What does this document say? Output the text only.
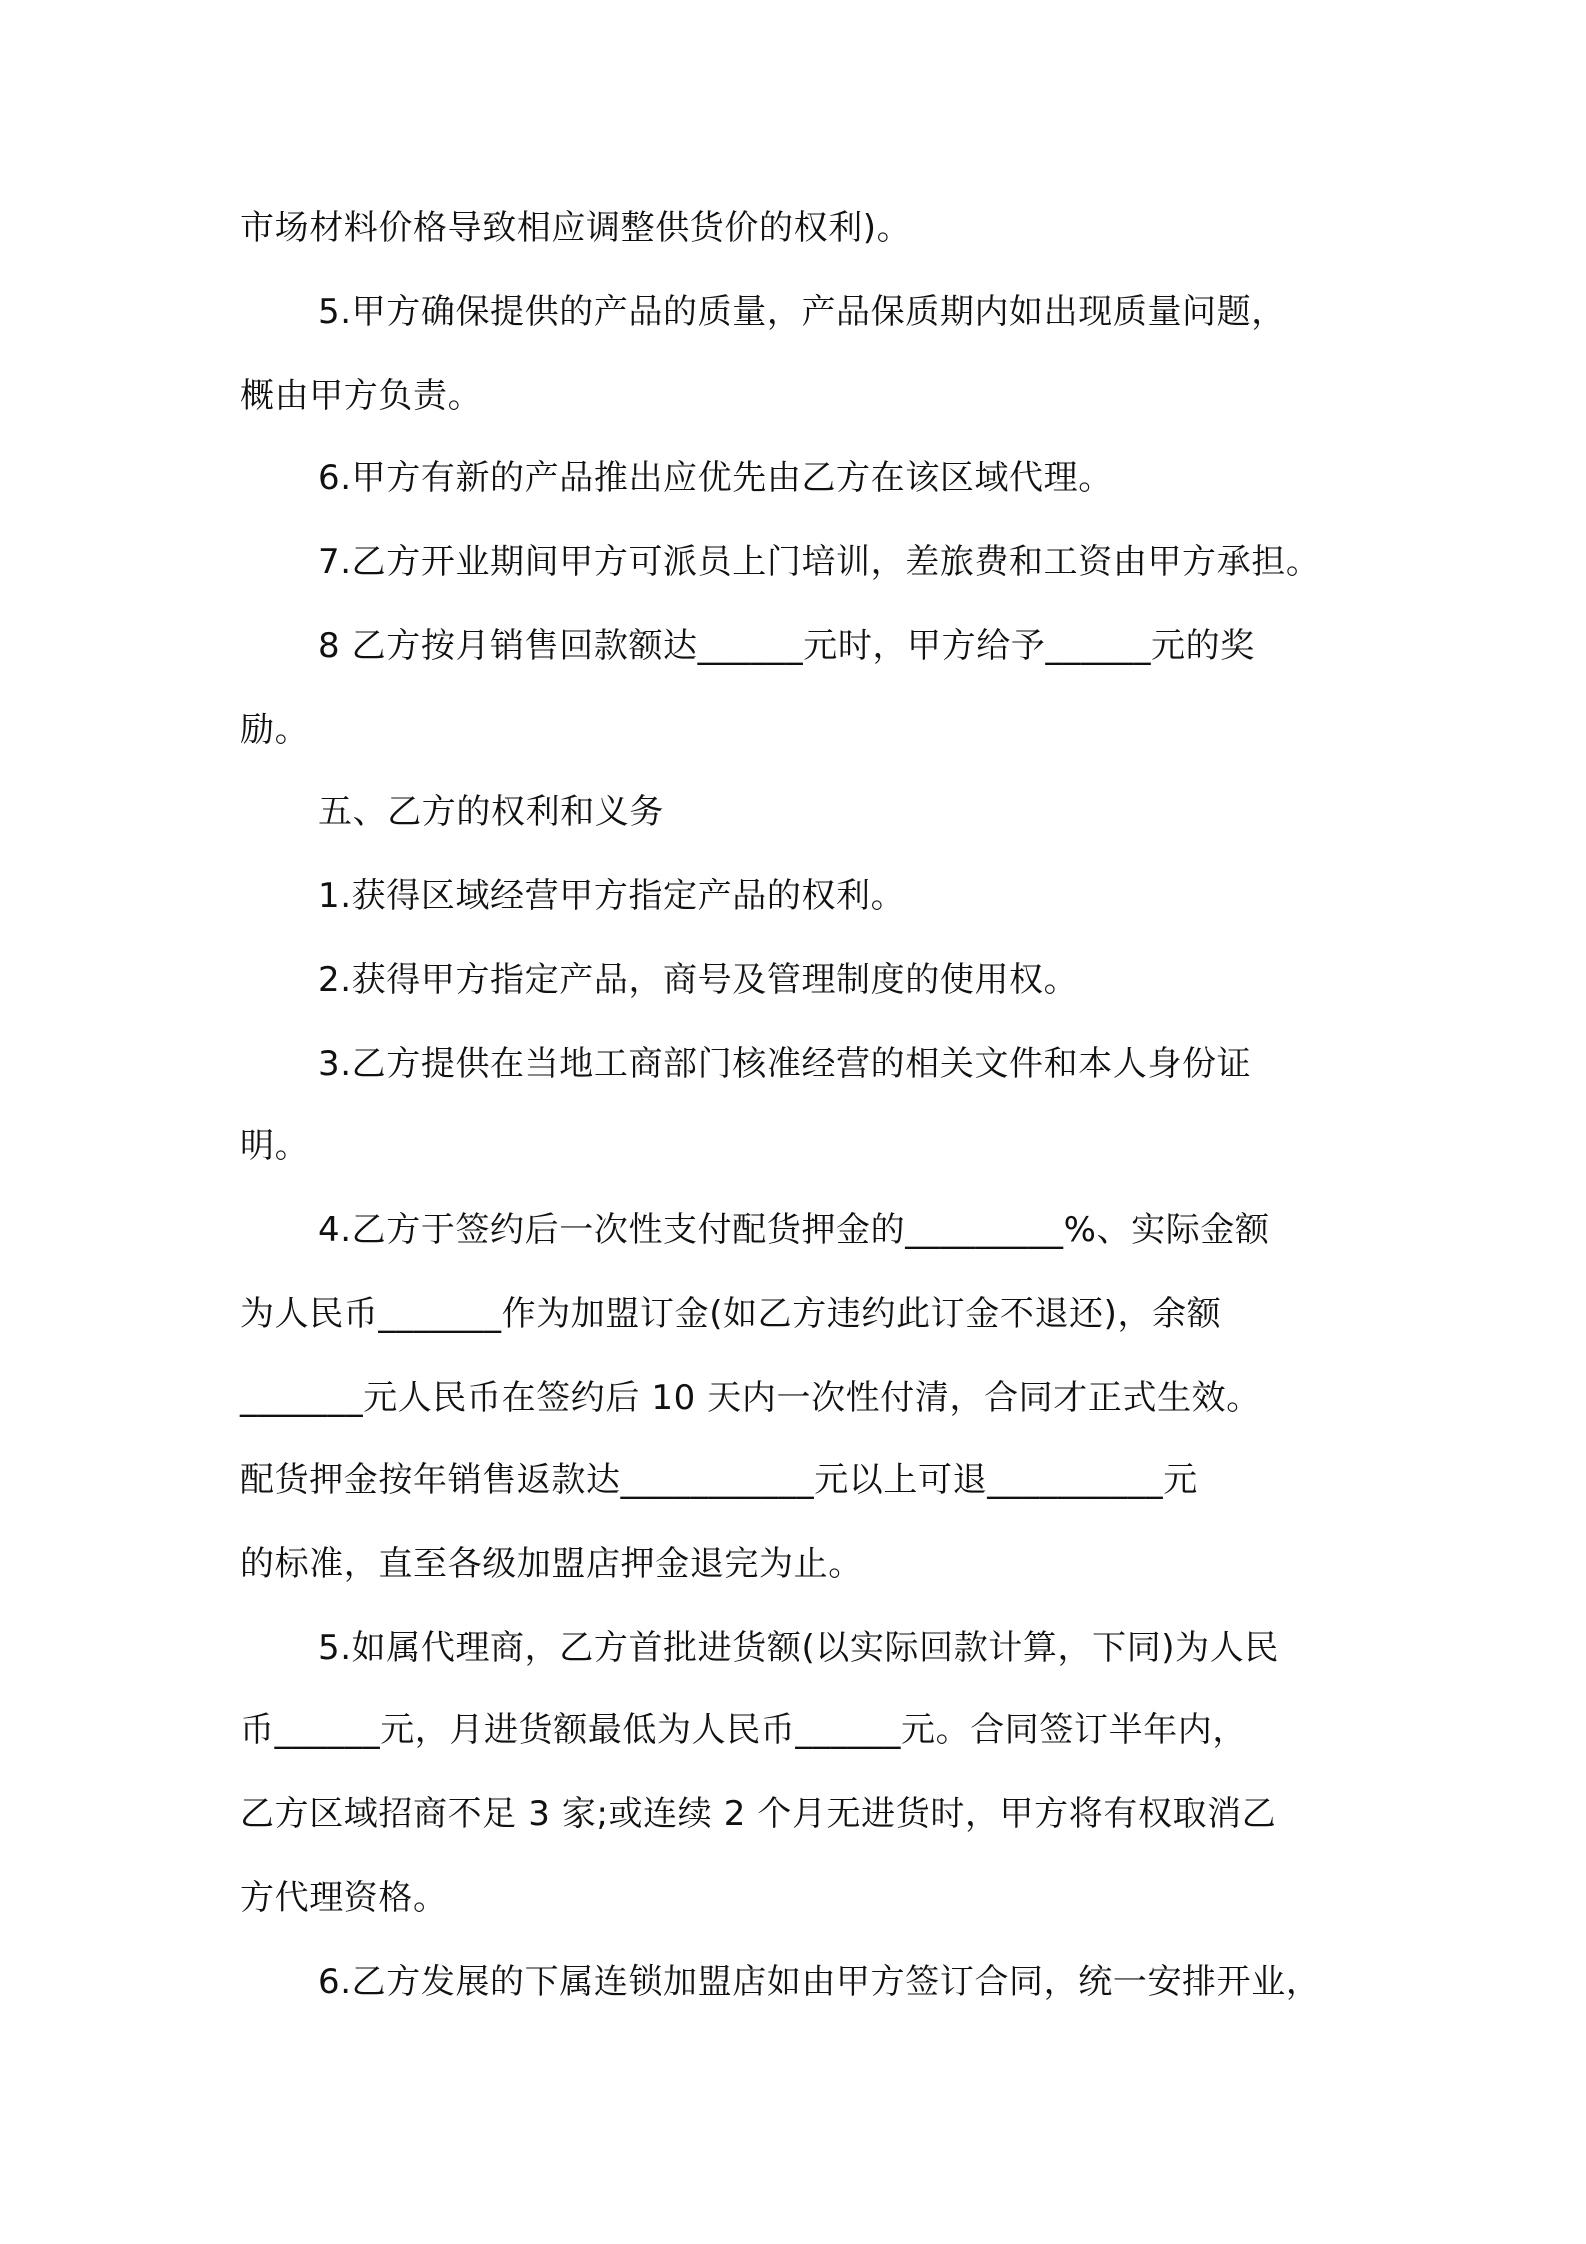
市场材料价格导致相应调整供货价的权利)。

5.甲方确保提供的产品的质量，产品保质期内如出现质量问题，

概由甲方负责。

6.甲方有新的产品推出应优先由乙方在该区域代理。

7.乙方开业期间甲方可派员上门培训，差旅费和工资由甲方承担。

8 乙方按月销售回款额达______元时，甲方给予______元的奖

励。

五、乙方的权利和义务

1.获得区域经营甲方指定产品的权利。

2.获得甲方指定产品，商号及管理制度的使用权。

3.乙方提供在当地工商部门核准经营的相关文件和本人身份证

明。

4.乙方于签约后一次性支付配货押金的_________%、实际金额

为人民币_______作为加盟订金(如乙方违约此订金不退还)，余额

_______元人民币在签约后 10 天内一次性付清，合同才正式生效。

配货押金按年销售返款达___________元以上可退__________元

的标准，直至各级加盟店押金退完为止。

5.如属代理商，乙方首批进货额(以实际回款计算，下同)为人民

币______元，月进货额最低为人民币______元。合同签订半年内，

乙方区域招商不足 3 家;或连续 2 个月无进货时，甲方将有权取消乙

方代理资格。

6.乙方发展的下属连锁加盟店如由甲方签订合同，统一安排开业，
